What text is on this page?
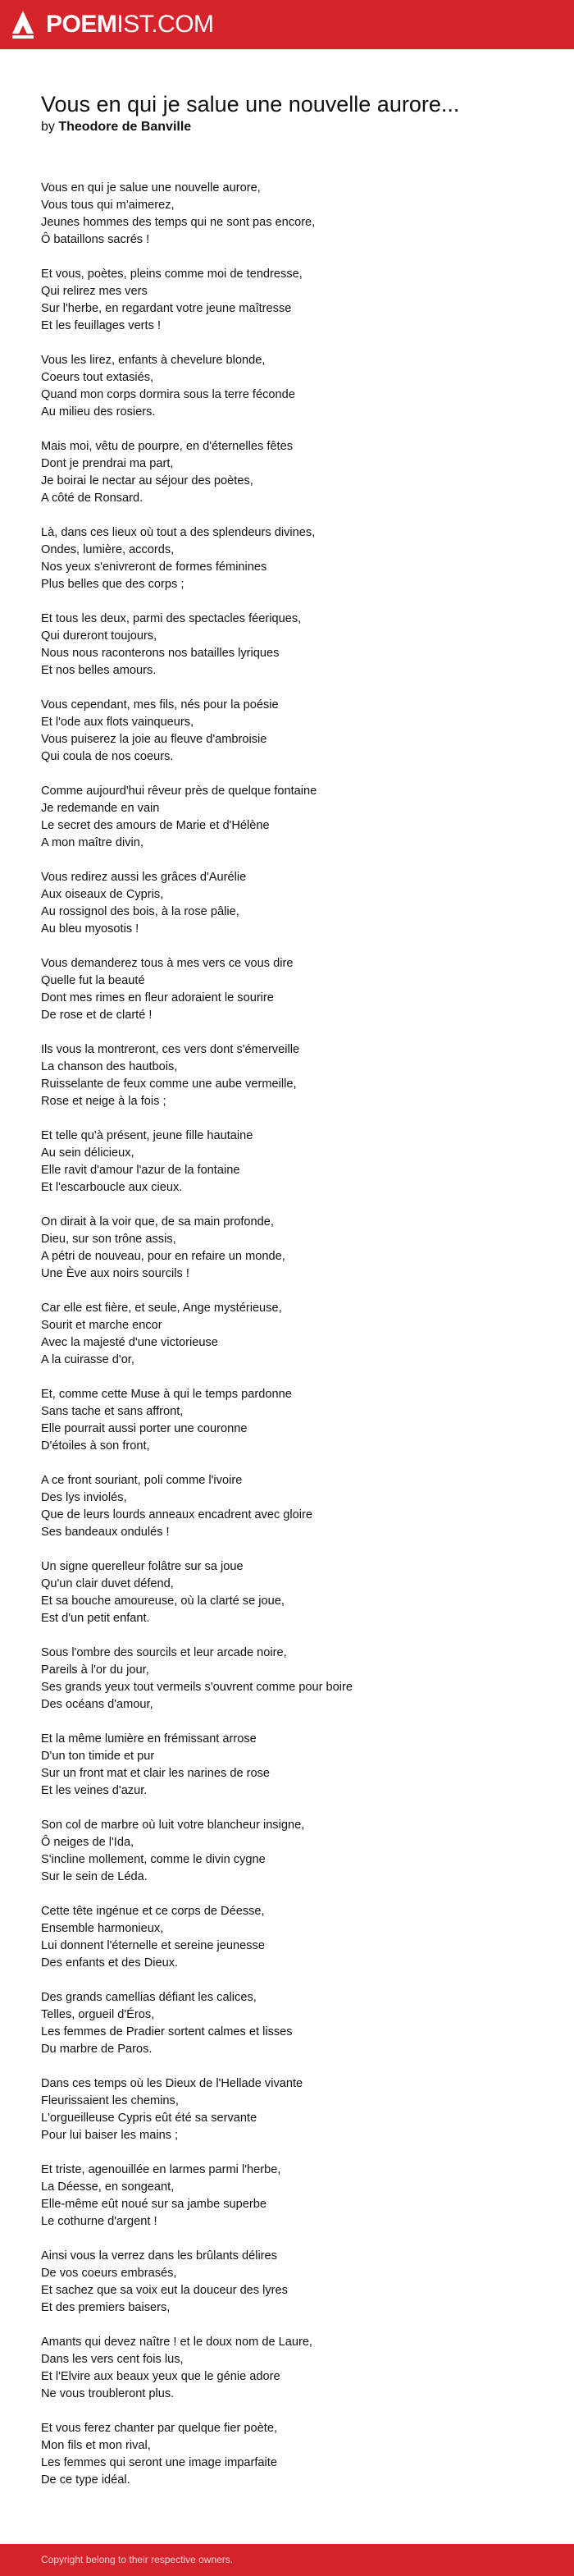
POEMIST.COM
Vous en qui je salue une nouvelle aurore...
by Theodore de Banville
Vous en qui je salue une nouvelle aurore,
Vous tous qui m'aimerez,
Jeunes hommes des temps qui ne sont pas encore,
Ô bataillons sacrés !
Et vous, poètes, pleins comme moi de tendresse,
Qui relirez mes vers
Sur l'herbe, en regardant votre jeune maîtresse
Et les feuillages verts !
Vous les lirez, enfants à chevelure blonde,
Coeurs tout extasiés,
Quand mon corps dormira sous la terre féconde
Au milieu des rosiers.
Mais moi, vêtu de pourpre, en d'éternelles fêtes
Dont je prendrai ma part,
Je boirai le nectar au séjour des poètes,
A côté de Ronsard.
Là, dans ces lieux où tout a des splendeurs divines,
Ondes, lumière, accords,
Nos yeux s'enivreront de formes féminines
Plus belles que des corps ;
Et tous les deux, parmi des spectacles féeriques,
Qui dureront toujours,
Nous nous raconterons nos batailles lyriques
Et nos belles amours.
Vous cependant, mes fils, nés pour la poésie
Et l'ode aux flots vainqueurs,
Vous puiserez la joie au fleuve d'ambroisie
Qui coula de nos coeurs.
Comme aujourd'hui rêveur près de quelque fontaine
Je redemande en vain
Le secret des amours de Marie et d'Hélène
A mon maître divin,
Vous redirez aussi les grâces d'Aurélie
Aux oiseaux de Cypris,
Au rossignol des bois, à la rose pâlie,
Au bleu myosotis !
Vous demanderez tous à mes vers ce vous dire
Quelle fut la beauté
Dont mes rimes en fleur adoraient le sourire
De rose et de clarté !
Ils vous la montreront, ces vers dont s'émerveille
La chanson des hautbois,
Ruisselante de feux comme une aube vermeille,
Rose et neige à la fois ;
Et telle qu'à présent, jeune fille hautaine
Au sein délicieux,
Elle ravit d'amour l'azur de la fontaine
Et l'escarboucle aux cieux.
On dirait à la voir que, de sa main profonde,
Dieu, sur son trône assis,
A pétri de nouveau, pour en refaire un monde,
Une Ève aux noirs sourcils !
Car elle est fière, et seule, Ange mystérieuse,
Sourit et marche encor
Avec la majesté d'une victorieuse
A la cuirasse d'or,
Et, comme cette Muse à qui le temps pardonne
Sans tache et sans affront,
Elle pourrait aussi porter une couronne
D'étoiles à son front,
A ce front souriant, poli comme l'ivoire
Des lys inviolés,
Que de leurs lourds anneaux encadrent avec gloire
Ses bandeaux ondulés !
Un signe querelleur folâtre sur sa joue
Qu'un clair duvet défend,
Et sa bouche amoureuse, où la clarté se joue,
Est d'un petit enfant.
Sous l'ombre des sourcils et leur arcade noire,
Pareils à l'or du jour,
Ses grands yeux tout vermeils s'ouvrent comme pour boire
Des océans d'amour,
Et la même lumière en frémissant arrose
D'un ton timide et pur
Sur un front mat et clair les narines de rose
Et les veines d'azur.
Son col de marbre où luit votre blancheur insigne,
Ô neiges de l'Ida,
S'incline mollement, comme le divin cygne
Sur le sein de Léda.
Cette tête ingénue et ce corps de Déesse,
Ensemble harmonieux,
Lui donnent l'éternelle et sereine jeunesse
Des enfants et des Dieux.
Des grands camellias défiant les calices,
Telles, orgueil d'Éros,
Les femmes de Pradier sortent calmes et lisses
Du marbre de Paros.
Dans ces temps où les Dieux de l'Hellade vivante
Fleurissaient les chemins,
L'orgueilleuse Cypris eût été sa servante
Pour lui baiser les mains ;
Et triste, agenouillée en larmes parmi l'herbe,
La Déesse, en songeant,
Elle-même eût noué sur sa jambe superbe
Le cothurne d'argent !
Ainsi vous la verrez dans les brûlants délires
De vos coeurs embrasés,
Et sachez que sa voix eut la douceur des lyres
Et des premiers baisers,
Amants qui devez naître ! et le doux nom de Laure,
Dans les vers cent fois lus,
Et l'Elvire aux beaux yeux que le génie adore
Ne vous troubleront plus.
Et vous ferez chanter par quelque fier poète,
Mon fils et mon rival,
Les femmes qui seront une image imparfaite
De ce type idéal.
Copyright belong to their respective owners.
